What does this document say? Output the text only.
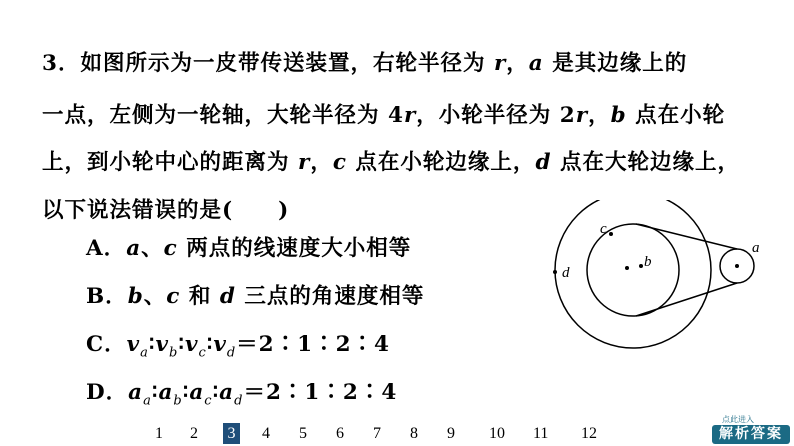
3．如图所示为一皮带传送装置，右轮半径为 r，a 是其边缘上的
一点，左侧为一轮轴，大轮半径为 4r，小轮半径为 2r，b 点在小轮
上，到小轮中心的距离为 r，c 点在小轮边缘上，d 点在大轮边缘上，
以下说法错误的是(　　)
A．a、c 两点的线速度大小相等
B．b、c 和 d 三点的角速度相等
C．$v_a∶v_b∶v_c∶v_d=2∶1∶2∶4$
D．$a_a∶a_b∶a_c∶a_d=2∶1∶2∶4$
c
b
d
a
1 2 3 4 5 6 7 8 9 10 11 12
点此进入
解析答案
